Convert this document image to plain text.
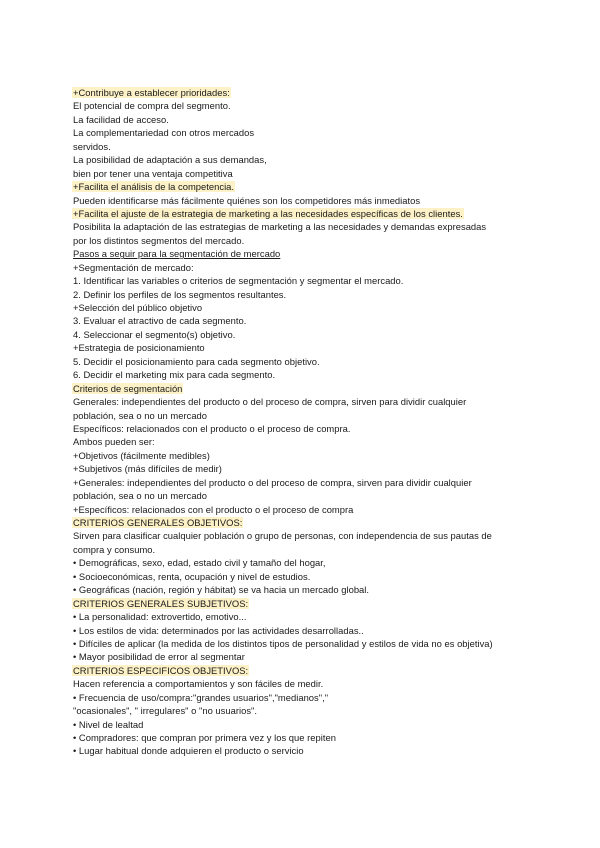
+Contribuye a establecer prioridades:
El potencial de compra del segmento.
La facilidad de acceso.
La complementariedad con otros mercados
servidos.
La posibilidad de adaptación a sus demandas,
bien por tener una ventaja competitiva
+Facilita el análisis de la competencia.
Pueden identificarse más fácilmente quiénes son los competidores más inmediatos
+Facilita el ajuste de la estrategia de marketing a las necesidades específicas de los clientes.
Posibilita la adaptación de las estrategias de marketing a las necesidades y demandas expresadas
por los distintos segmentos del mercado.
Pasos a seguir para la segmentación de mercado
+Segmentación de mercado:
1. Identificar las variables o criterios de segmentación y segmentar el mercado.
2. Definir los perfiles de los segmentos resultantes.
+Selección del público objetivo
3. Evaluar el atractivo de cada segmento.
4. Seleccionar el segmento(s) objetivo.
+Estrategia de posicionamiento
5. Decidir el posicionamiento para cada segmento objetivo.
6. Decidir el marketing mix para cada segmento.
Criterios de segmentación
Generales: independientes del producto o del proceso de compra, sirven para dividir cualquier
población, sea o no un mercado
Específicos: relacionados con el producto o el proceso de compra.
Ambos pueden ser:
+Objetivos (fácilmente medibles)
+Subjetivos (más difíciles de medir)
+Generales: independientes del producto o del proceso de compra, sirven para dividir cualquier
población, sea o no un mercado
+Específicos: relacionados con el producto o el proceso de compra
CRITERIOS GENERALES OBJETIVOS:
Sirven para clasificar cualquier población o grupo de personas, con independencia de sus pautas de
compra y consumo.
• Demográficas, sexo, edad, estado civil y tamaño del hogar,
• Socioeconómicas, renta, ocupación y nivel de estudios.
• Geográficas (nación, región y hábitat) se va hacia un mercado global.
CRITERIOS GENERALES SUBJETIVOS:
• La personalidad: extrovertido, emotivo...
• Los estilos de vida: determinados por las actividades desarrolladas..
• Difíciles de aplicar (la medida de los distintos tipos de personalidad y estilos de vida no es objetiva)
• Mayor posibilidad de error al segmentar
CRITERIOS ESPECIFICOS OBJETIVOS:
Hacen referencia a comportamientos y son fáciles de medir.
• Frecuencia de uso/compra:"grandes usuarios","medianos","
"ocasionales", " irregulares" o "no usuarios".
• Nivel de lealtad
• Compradores: que compran por primera vez y los que repiten
• Lugar habitual donde adquieren el producto o servicio
